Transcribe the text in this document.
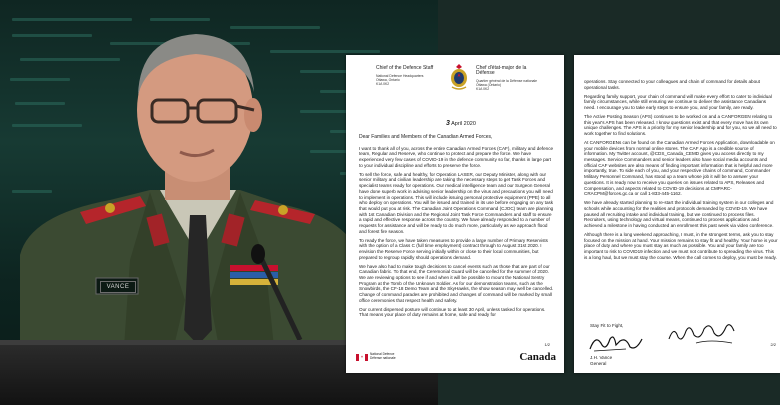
VANCE
Chief of the Defence Staff
National Defence Headquarters
Ottawa, Ontario
K1A 0K2
Chef d'état-major de la Défense
Quartier général de la Défense nationale
Ottawa (Ontario)
K1A 0K2
3 April 2020

Dear Families and Members of the Canadian Armed Forces,

I want to thank all of you, across the entire Canadian Armed Forces (CAF), military and defence team, Regular and Reserve, who continue to protect and prepare the force. We have experienced very few cases of COVID-19 in the defence community so far, thanks in large part to your individual discipline and efforts to preserve the force.

To sell the force, safe and healthy, for Operation LASER, our Deputy Minister, along with our senior military and civilian leadership are taking the necessary steps to get Task Forces and specialist teams ready for operations. Our medical intelligence team and our Surgeon General have done superb work in advising senior leadership on the virus and precautions you will need to implement in operations. This will include issuing personal protective equipment (PPE) to all who deploy on operations. You will be issued and trained in its use before engaging on any task that would put you at risk. The Canadian Joint Operations Command (CJOC) team are planning with 1st Canadian Division and the Regional Joint Task Force Commanders and staff to ensure a rapid and effective response across the country. We have already responded to a number of requests for assistance and will be ready to do much more, particularly as we approach flood and forest fire season.

To ready the force, we have taken measures to provide a large number of Primary Reservists with the option of a Class C (full time employment) contract through to August 31st 2020. I envision the Reserve Force serving initially within or close to their local communities, but prepared to regroup rapidly should operations demand.

We have also had to make tough decisions to cancel events such as those that are part of our Canadian fabric. To that end, the Ceremonial Guard will be cancelled for the summer of 2020. We are reviewing options to see if and when it will be possible to mount the National Sentry Program at the Tomb of the Unknown Soldier. As for our demonstration teams, such as the Snowbirds, the CF-18 Demo Team and the SkyHawks, the show season may well be cancelled. Change of command parades are prohibited and changes of command will be marked by small office ceremonies that respect health and safety.

Our current dispersed posture will continue to at least 30 April, unless tasked for operations. That means your place of duty remains at home, safe and ready for

1/2
National Defence
Défense nationale	Canada

operations. Stay connected to your colleagues and chain of command for details about operational tasks.

Regarding family support, your chain of command will make every effort to cater to individual family circumstances, while still ensuring we continue to deliver the assistance Canadians need. I encourage you to take early steps to ensure you, and your family, are ready.

The Active Posting Season (APS) continues to be worked on and a CANFORGEN relating to this year's APS has been released. I know questions exist and that every move has its own unique challenges. The APS is a priority for my senior leadership and for you, so we all need to work together to find solutions.

At CANFORGENs can be found on the Canadian Armed Forces Application, downloadable on your mobile devices from normal online stores. The CAF App is a credible source of information. My Twitter account, @CDS_Canada_CEMD gives you access directly to my messages. Service Commanders and senior leaders also have social media accounts and official CAF websites are also means of finding important information that is helpful and more importantly, true. To side each of you, and your respective chains of command, Commander Military Personnel Command, has stood up a team whose job it will be to answer your questions. It is ready now to receive you queries on issues related to APS, Releases and Compensation, and aspects related to COVID-19 decisions at CMPARC-CRACPM@forces.gc.ca or call 1-833-445-1162.

We have already started planning to re-start the individual training system in our colleges and schools while accounting for the realities and protocols demanded by COVID-19. We have paused all recruiting intake and individual training, but we continued to process files. Recruiters, using technology and virtual means, continued to process applications and achieved a milestone in having conducted an enrollment this past week via video conference.

Although there is a long weekend approaching, I must, in the strongest terms, ask you to stay focused on the mission at hand. Your mission remains to stay fit and healthy. Your home is your place of duty and where you must stay as much as possible. You and your family are too important to risk to COVID19 infection and we must not contribute to spreading the virus. This is a long haul, but we must stay the course. When the call comes to deploy, you must be ready.

Stay Fit to Fight,
J.H. Vance
General
2/2
